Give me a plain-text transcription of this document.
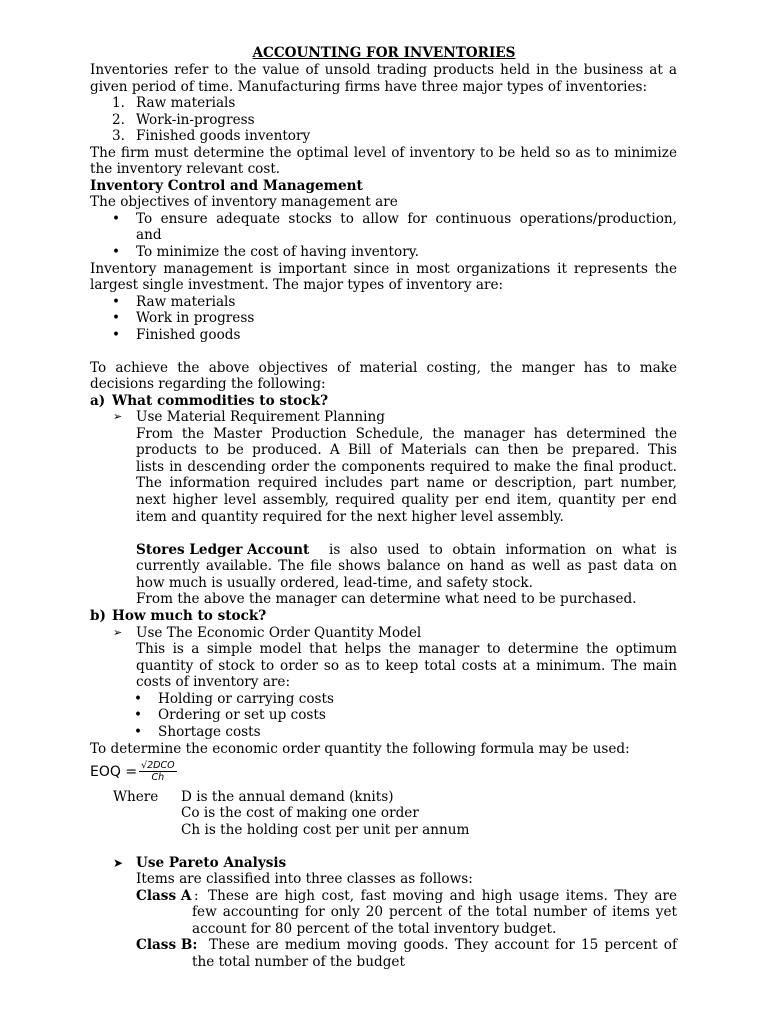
ACCOUNTING FOR INVENTORIES
Inventories refer to the value of unsold trading products held in the business at a
given period of time. Manufacturing firms have three major types of inventories:
1. Raw materials
2. Work-in-progress
3. Finished goods inventory
The firm must determine the optimal level of inventory to be held so as to minimize
the inventory relevant cost.
Inventory Control and Management
The objectives of inventory management are
• To ensure adequate stocks to allow for continuous operations/production,
and
• To minimize the cost of having inventory.
Inventory management is important since in most organizations it represents the
largest single investment. The major types of inventory are:
• Raw materials
• Work in progress
• Finished goods
To achieve the above objectives of material costing, the manger has to make
decisions regarding the following:
a) What commodities to stock?
➢ Use Material Requirement Planning
From the Master Production Schedule, the manager has determined the
products to be produced. A Bill of Materials can then be prepared. This
lists in descending order the components required to make the final product.
The information required includes part name or description, part number,
next higher level assembly, required quality per end item, quantity per end
item and quantity required for the next higher level assembly.
Stores Ledger Account is also used to obtain information on what is
currently available. The file shows balance on hand as well as past data on
how much is usually ordered, lead-time, and safety stock.
From the above the manager can determine what need to be purchased.
b) How much to stock?
➢ Use The Economic Order Quantity Model
This is a simple model that helps the manager to determine the optimum
quantity of stock to order so as to keep total costs at a minimum. The main
costs of inventory are:
• Holding or carrying costs
• Ordering or set up costs
• Shortage costs
To determine the economic order quantity the following formula may be used:
EOQ = $\frac{\text{√2DCO}}{Ch}$
Where D is the annual demand (knits)
Co is the cost of making one order
Ch is the holding cost per unit per annum
➤ Use Pareto Analysis
Items are classified into three classes as follows:
Class A : These are high cost, fast moving and high usage items. They are
few accounting for only 20 percent of the total number of items yet
account for 80 percent of the total inventory budget.
Class B: These are medium moving goods. They account for 15 percent of
the total number of the budget
